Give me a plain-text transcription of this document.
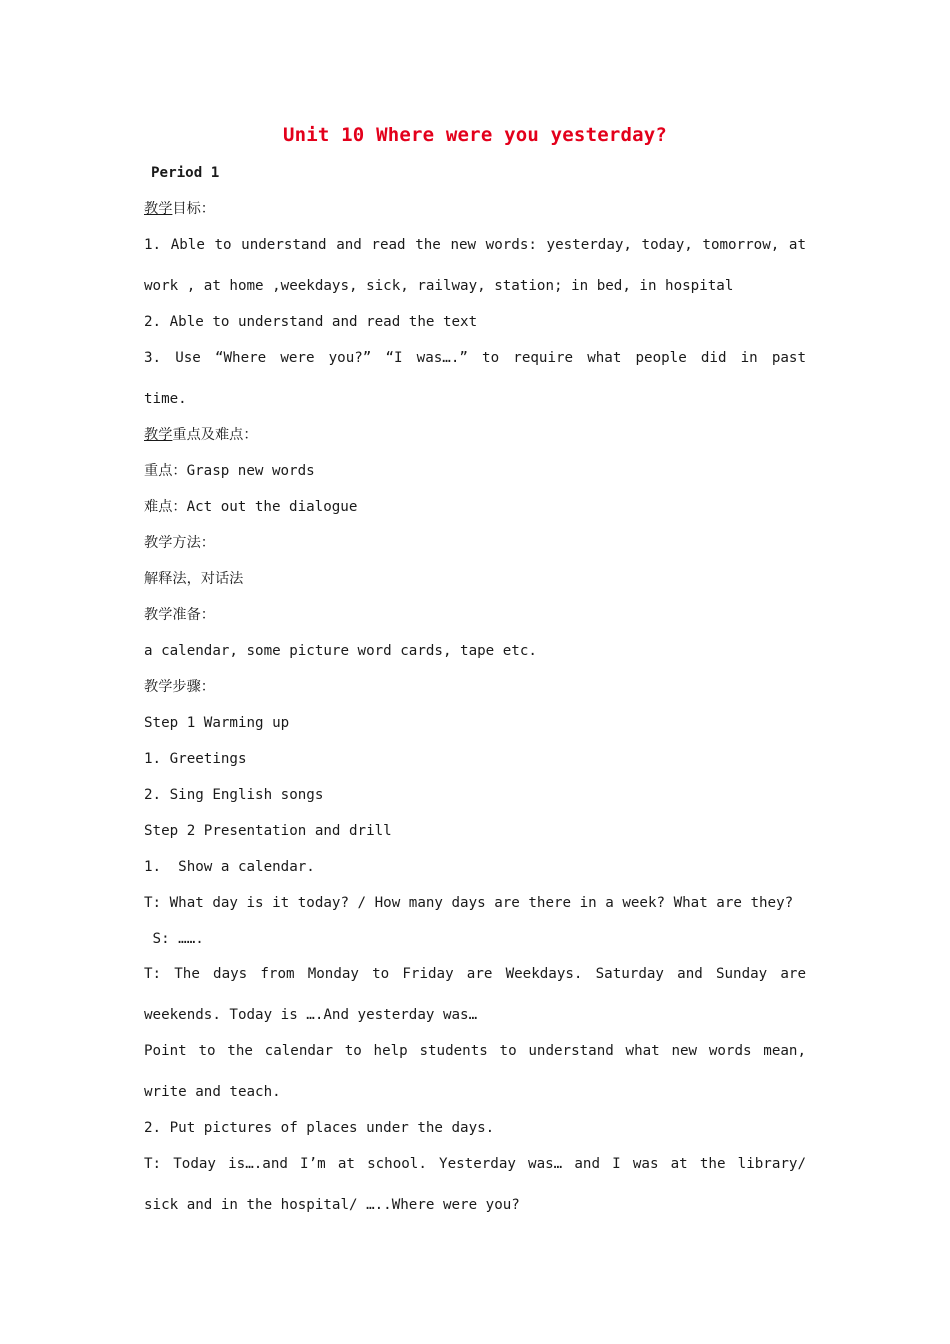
Unit 10 Where were you yesterday?
Period 1
教学目标：
1. Able to understand and read the new words: yesterday, today, tomorrow, at
work , at home ,weekdays, sick, railway, station; in bed, in hospital
2. Able to understand and read the text
3. Use “Where were you?” “I was….” to require what people did in past
time.
教学重点及难点：
重点：Grasp new words
难点：Act out the dialogue
教学方法：
解释法，对话法
教学准备：
a calendar, some picture word cards, tape etc.
教学步骤：
Step 1 Warming up
1. Greetings
2. Sing English songs
Step 2 Presentation and drill
1.  Show a calendar.
T: What day is it today? / How many days are there in a week? What are they?
S: …….
T: The days from Monday to Friday are Weekdays. Saturday and Sunday are
weekends. Today is ….And yesterday was…
Point to the calendar to help students to understand what new words mean,
write and teach.
2. Put pictures of places under the days.
T: Today is….and I’m at school. Yesterday was… and I was at the library/
sick and in the hospital/ …..Where were you?
